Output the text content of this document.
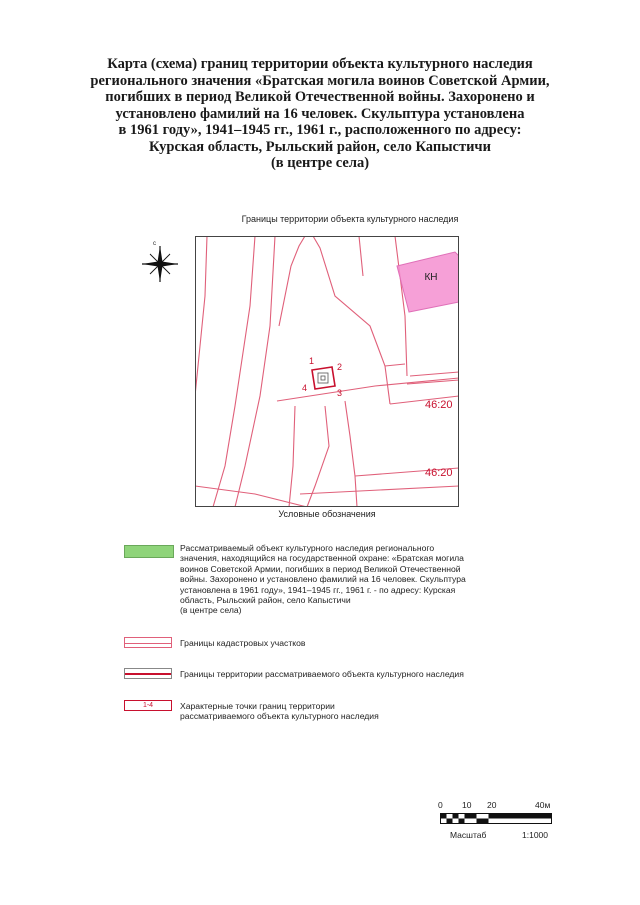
Карта (схема) границ территории объекта культурного наследия
регионального значения «Братская могила воинов Советской Армии,
погибших в период Великой Отечественной войны. Захоронено и
установлено фамилий на 16 человек. Скульптура установлена
в 1961 году», 1941–1945 гг., 1961 г., расположенного по адресу:
Курская область, Рыльский район, село Капыстичи
(в центре села)
Границы территории объекта культурного наследия
с
КН
1
2
3
4
46:20
46:20
Условные обозначения
Рассматриваемый объект культурного наследия регионального
значения, находящийся на государственной охране: «Братская могила
воинов Советской Армии, погибших в период Великой Отечественной
войны. Захоронено и установлено фамилий на 16 человек. Скульптура
установлена в 1961 году», 1941–1945 гг., 1961 г. - по адресу: Курская
область, Рыльский район, село Капыстичи
(в центре села)
Границы кадастровых участков
Границы территории рассматриваемого объекта культурного наследия
1-4	Характерные точки границ территории
рассматриваемого объекта культурного наследия
0 10 20	40м
Масштаб	1:1000
